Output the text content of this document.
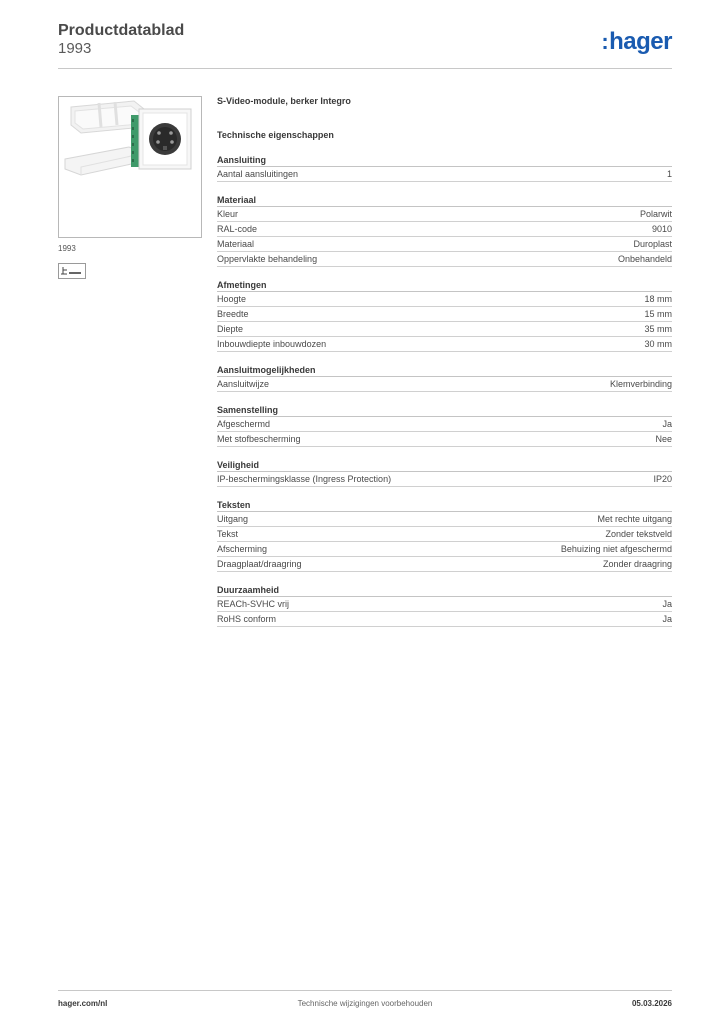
Productdatablad
1993	:hager
1993
S-Video-module, berker Integro
Technische eigenschappen
Aansluiting
Aantal aansluitingen	1
Materiaal
Kleur	Polarwit
RAL-code	9010
Materiaal	Duroplast
Oppervlakte behandeling	Onbehandeld
Afmetingen
Hoogte	18 mm
Breedte	15 mm
Diepte	35 mm
Inbouwdiepte inbouwdozen	30 mm
Aansluitmogelijkheden
Aansluitwijze	Klemverbinding
Samenstelling
Afgeschermd	Ja
Met stofbescherming	Nee
Veiligheid
IP-beschermingsklasse (Ingress Protection)	IP20
Teksten
Uitgang	Met rechte uitgang
Tekst	Zonder tekstveld
Afscherming	Behuizing niet afgeschermd
Draagplaat/draagring	Zonder draagring
Duurzaamheid
REACh-SVHC vrij	Ja
RoHS conform	Ja
hager.com/nl	Technische wijzigingen voorbehouden	05.03.2026
